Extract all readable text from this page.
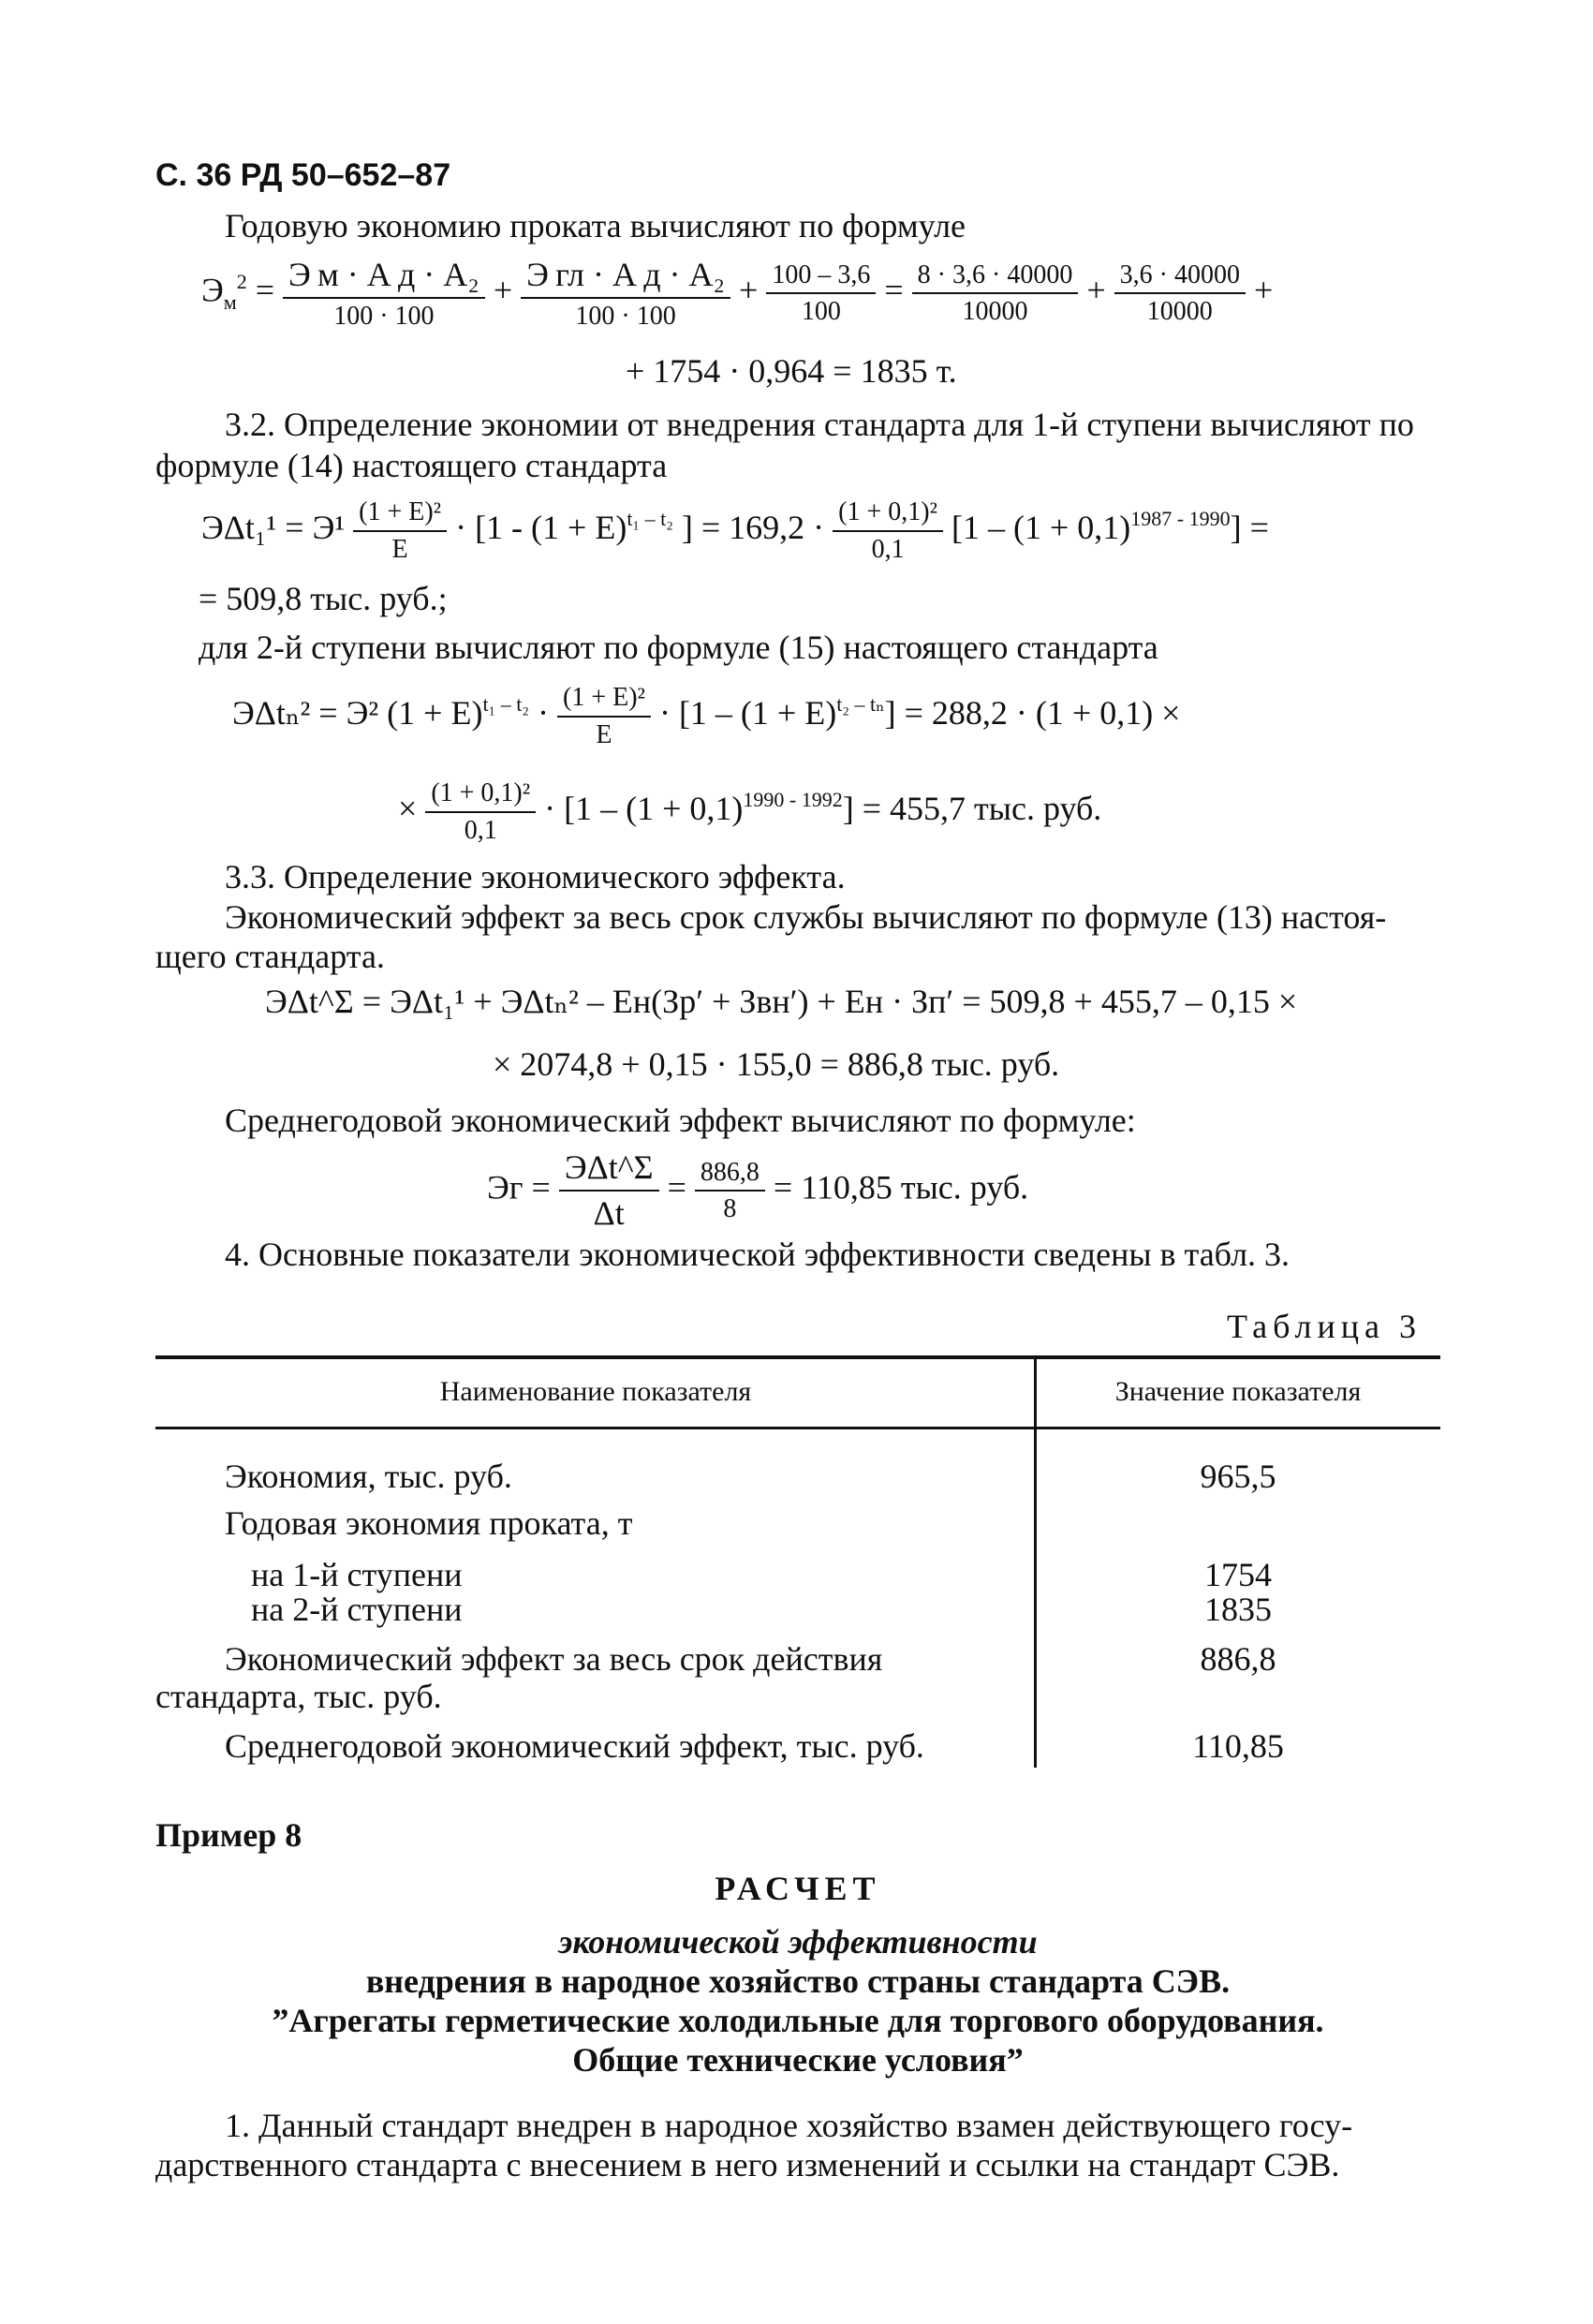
С. 36 РД 50–652–87
Годовую экономию проката вычисляют по формуле
$Э_м^2 = \frac{\text{Э м · А д · А₂}}{100 \cdot 100} + \frac{\text{Э гл · А д · А₂}}{100 \cdot 100} + \frac{100 - 3,6}{100} = \frac{8 \cdot 3,6 \cdot 40000}{10000} + \frac{3,6 \cdot 40000}{10000}$ +
+ 1754 · 0,964 = 1835 т.
3.2. Определение экономии от внедрения стандарта для 1-й ступени вычисляют по
формуле (14) настоящего стандарта
$Э\Delta t_1^1 = Э^1 \frac{\text{(1 + E)²}}{E} \cdot [1 - (1 + E)^{t_1 - t_2}$ ] = $169,2 \cdot \frac{\text{(1 + 0,1)²}}{0,1} [1 - (1 + 0,1)^{1987 - 1990}]$ =
= 509,8 тыс. руб.;
для 2-й ступени вычисляют по формуле (15) настоящего стандарта
ЭΔtₙ² = Э² $(1 + E)^{t_1 - t_2} \cdot \frac{\text{(1 + E)²}}{E} \cdot [1 - (1 + E)^{t_2 - t_n}] = 288,2 \cdot (1 + 0,1)$ ×
× $\frac{\text{(1 + 0,1)²}}{0,1} \cdot [1 - (1 + 0,1)^{1990 - 1992}] = 455,7$ тыс. руб.
3.3. Определение экономического эффекта.
Экономический эффект за весь срок службы вычисляют по формуле (13) настоя-
щего стандарта.
ЭΔt^Σ = ЭΔt₁¹ + ЭΔtₙ² – Eн(Зр′ + Звн′) + Eн · Зп′ = 509,8 + 455,7 – 0,15 ×
× 2074,8 + 0,15 · 155,0 = 886,8 тыс. руб.
Среднегодовой экономический эффект вычисляют по формуле:
Эг = $\frac{\text{ЭΔt\textasciicircum{}Σ}}{\Delta t} = \frac{886,8}{8} = 110,85$ тыс. руб.
4. Основные показатели экономической эффективности сведены в табл. 3.
Таблица 3
Наименование показателя	Значение показателя
Экономия, тыс. руб.	965,5
Годовая экономия проката, т
на 1-й ступени	1754
на 2-й ступени	1835
Экономический эффект за весь срок действия	886,8
стандарта, тыс. руб.
Среднегодовой экономический эффект, тыс. руб.	110,85
Пример 8
РАСЧЕТ
экономической эффективности
внедрения в народное хозяйство страны стандарта СЭВ.
”Агрегаты герметические холодильные для торгового оборудования.
Общие технические условия”
1. Данный стандарт внедрен в народное хозяйство взамен действующего госу-
дарственного стандарта с внесением в него изменений и ссылки на стандарт СЭВ.
